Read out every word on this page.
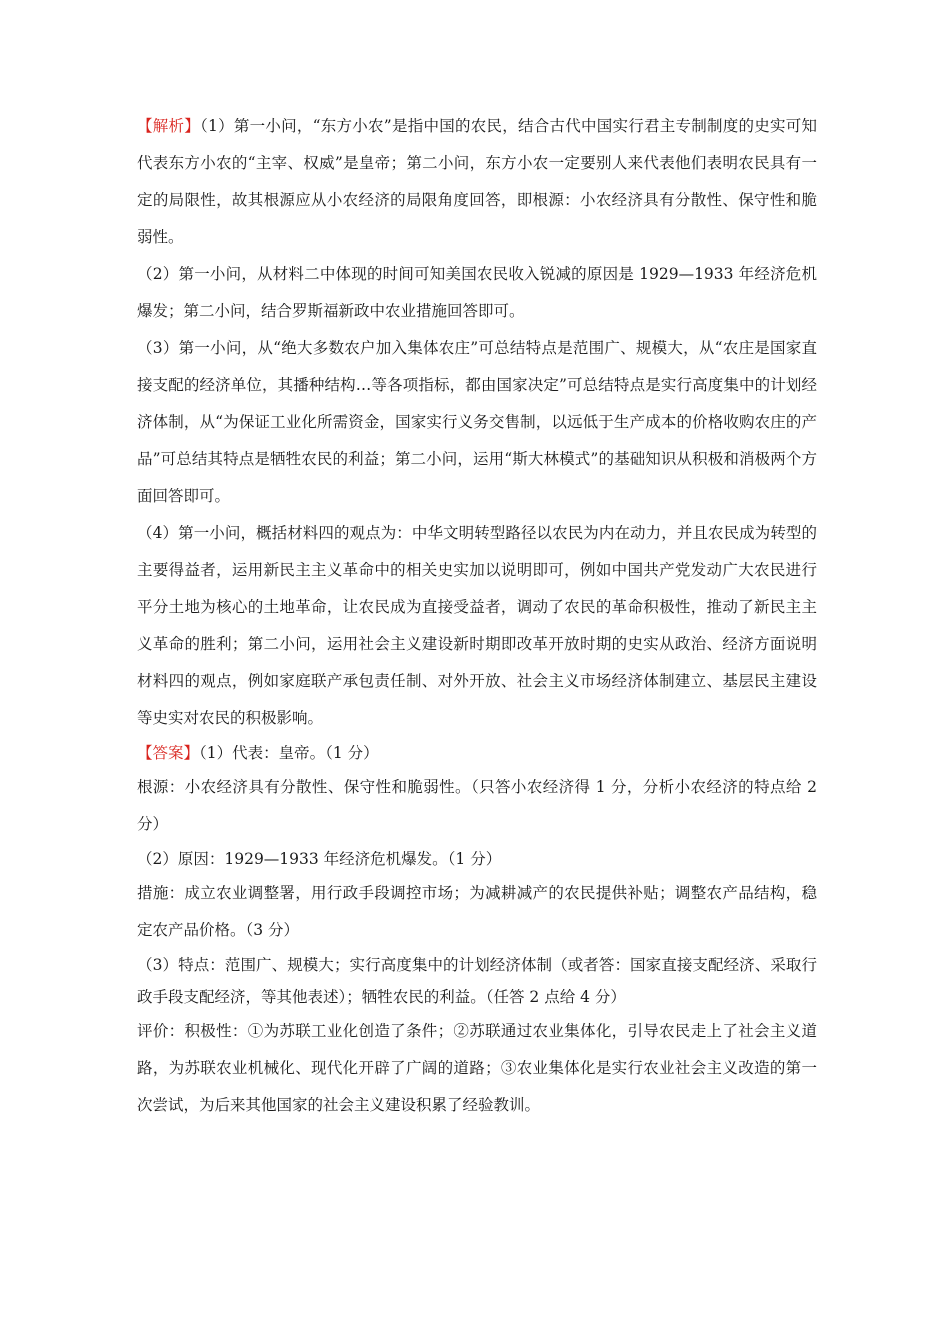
【解析】（1）第一小问，“东方小农”是指中国的农民，结合古代中国实行君主专制制度的史实可知代表东方小农的“主宰、权威”是皇帝；第二小问，东方小农一定要别人来代表他们表明农民具有一定的局限性，故其根源应从小农经济的局限角度回答，即根源：小农经济具有分散性、保守性和脆弱性。

（2）第一小问，从材料二中体现的时间可知美国农民收入锐减的原因是 1929—1933 年经济危机爆发；第二小问，结合罗斯福新政中农业措施回答即可。

（3）第一小问，从“绝大多数农户加入集体农庄”可总结特点是范围广、规模大，从“农庄是国家直接支配的经济单位，其播种结构…等各项指标，都由国家决定”可总结特点是实行高度集中的计划经济体制，从“为保证工业化所需资金，国家实行义务交售制，以远低于生产成本的价格收购农庄的产品”可总结其特点是牺牲农民的利益；第二小问，运用“斯大林模式”的基础知识从积极和消极两个方面回答即可。

（4）第一小问，概括材料四的观点为：中华文明转型路径以农民为内在动力，并且农民成为转型的主要得益者，运用新民主主义革命中的相关史实加以说明即可，例如中国共产党发动广大农民进行平分土地为核心的土地革命，让农民成为直接受益者，调动了农民的革命积极性，推动了新民主主义革命的胜利；第二小问，运用社会主义建设新时期即改革开放时期的史实从政治、经济方面说明材料四的观点，例如家庭联产承包责任制、对外开放、社会主义市场经济体制建立、基层民主建设等史实对农民的积极影响。

【答案】（1）代表：皇帝。（1 分）

根源：小农经济具有分散性、保守性和脆弱性。（只答小农经济得 1 分，分析小农经济的特点给 2 分）

（2）原因：1929—1933 年经济危机爆发。（1 分）

措施：成立农业调整署，用行政手段调控市场；为减耕减产的农民提供补贴；调整农产品结构，稳定农产品价格。（3 分）

（3）特点：范围广、规模大；实行高度集中的计划经济体制（或者答：国家直接支配经济、采取行政手段支配经济，等其他表述）；牺牲农民的利益。（任答 2 点给 4 分）

评价：积极性：①为苏联工业化创造了条件；②苏联通过农业集体化，引导农民走上了社会主义道路，为苏联农业机械化、现代化开辟了广阔的道路；③农业集体化是实行农业社会主义改造的第一次尝试，为后来其他国家的社会主义建设积累了经验教训。
